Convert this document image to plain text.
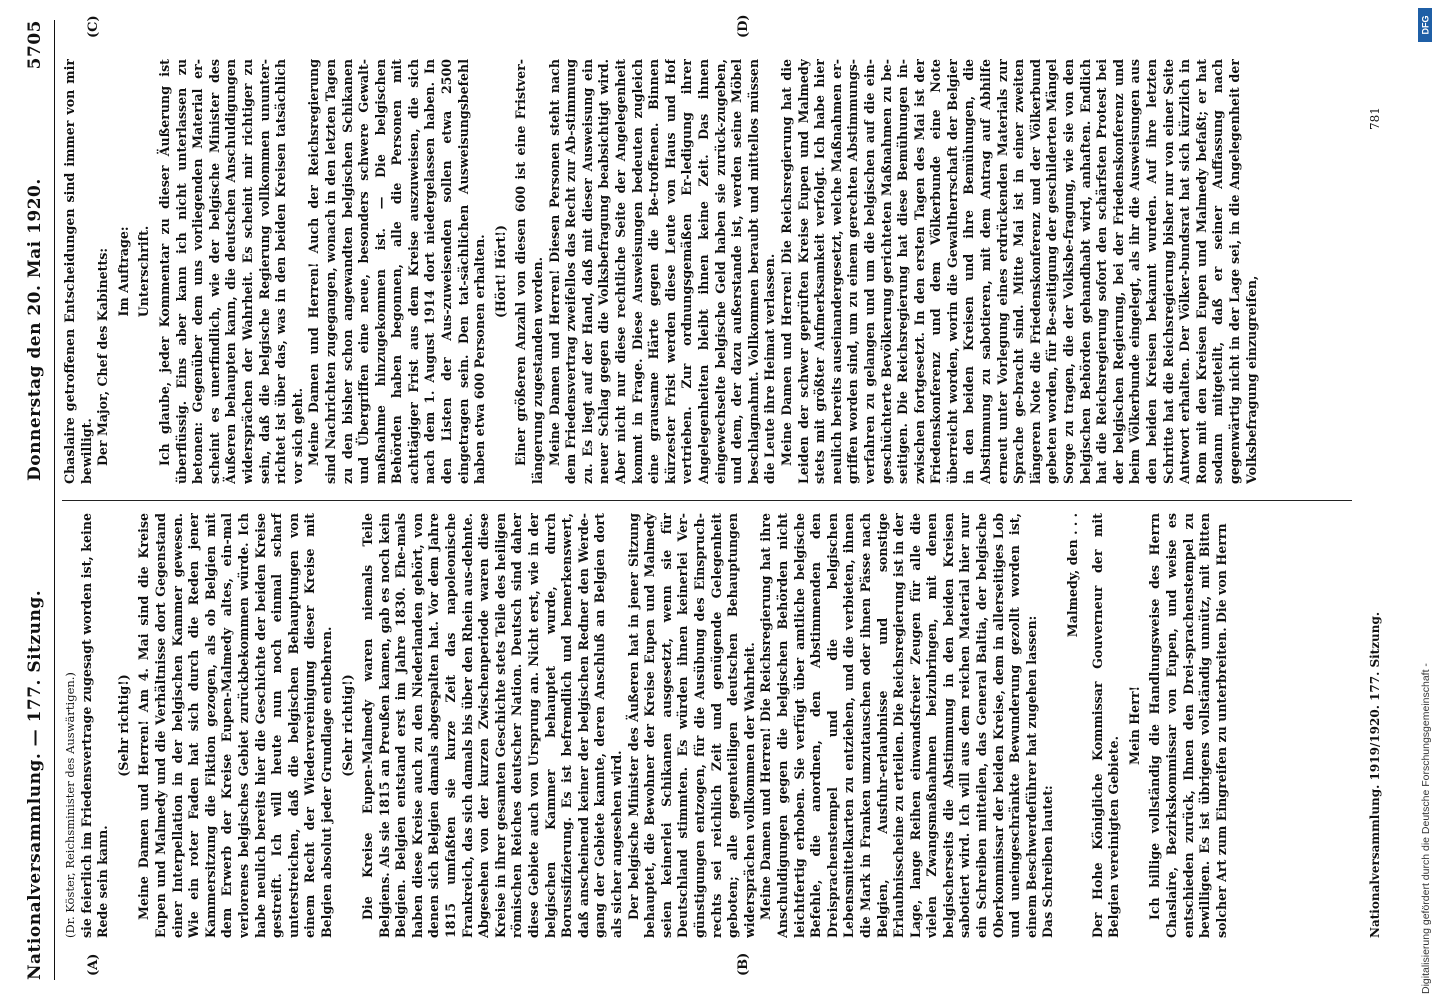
Nationalversammlung. — 177. Sitzung.
Donnerstag den 20. Mai 1920.
5705
(A)	(B)
(C)	(D)

(Dr. Köster, Reichsminister des Auswärtigen.) sie feierlich im Friedensvertrage zugesagt worden ist, keine Rede sein kann.

(Sehr richtig!) Meine Damen und Herren! Am 4. Mai sind die Kreise Eupen und Malmedy und die Verhältnisse dort Gegenstand einer Interpellation in der belgischen Kammer gewesen. Wie ein roter Faden hat sich durch die Reden jener Kammersitzung die Fiktion gezogen, als ob Belgien mit dem Erwerb der Kreise Eupen-Malmedy altes, ein-mal verlorenes belgisches Gebiet zurückbekommen würde. Ich habe neulich bereits hier die Geschichte der beiden Kreise gestreift. Ich will heute nun noch einmal scharf unterstreichen, daß die belgischen Behauptungen von einem Recht der Wiedervereinigung dieser Kreise mit Belgien absolut jeder Grundlage entbehren. (Sehr richtig!) Die Kreise Eupen-Malmedy waren niemals Teile Belgiens. Als sie 1815 an Preußen kamen, gab es noch kein Belgien. Belgien entstand erst im Jahre 1830. Ehe-mals haben diese Kreise auch zu den Niederlanden gehört, von denen sich Belgien damals abgespalten hat. Vor dem Jahre 1815 umfaßten sie kurze Zeit das napoleonische Frankreich, das sich damals bis über den Rhein aus-dehnte. Abgesehen von der kurzen Zwischenperiode waren diese Kreise in ihrer gesamten Geschichte stets Teile des heiligen römischen Reiches deutscher Nation. Deutsch sind daher diese Gebiete auch von Ursprung an. Nicht erst, wie in der belgischen Kammer behauptet wurde, durch Borussifizierung. Es ist befremdlich und bemerkenswert, daß anscheinend keiner der belgischen Redner den Werde-gang der Gebiete kannte, deren Anschluß an Belgien dort als sicher angesehen wird. Der belgische Minister des Äußeren hat in jener Sitzung behauptet, die Bewohner der Kreise Eupen und Malmedy seien keinerlei Schikanen ausgesetzt, wenn sie für Deutschland stimmten. Es würden ihnen keinerlei Ver-günstigungen entzogen, für die Ausübung des Einspruch-rechts sei reichlich Zeit und genügende Gelegenheit geboten; alle gegenteiligen deutschen Behauptungen widersprächen vollkommen der Wahrheit. Meine Damen und Herren! Die Reichsregierung hat ihre Anschuldigungen gegen die belgischen Behörden nicht leichtfertig erhoben. Sie verfügt über amtliche belgische Befehle, die anordnen, den Abstimmenden den Dreisprachenstempel und die belgischen Lebensmittelkarten zu entziehen, und die verbieten, ihnen die Mark in Franken umzutauschen oder ihnen Pässe nach Belgien, Ausfuhr-erlaubnisse und sonstige Erlaubnisscheine zu erteilen. Die Reichsregierung ist in der Lage, lange Reihen einwandsfreier Zeugen für alle die vielen Zwangsmaßnahmen beizubringen, mit denen belgischerseits die Abstimmung in den beiden Kreisen sabotiert wird. Ich will aus dem reichen Material hier nur ein Schreiben mitteilen, das General Baltia, der belgische Oberkommissar der beiden Kreise, dem in allerseitiges Lob und uneingeschränkte Bewunderung gezollt worden ist, einem Beschwerdeführer hat zugehen lassen: Das Schreiben lautet:

Malmedy, den . . . Der Hohe Königliche Kommissar Gouverneur der mit Belgien vereinigten Gebiete.

Mein Herr! Ich billige vollständig die Handlungsweise des Herrn Chaslaire, Bezirkskommissar von Eupen, und weise es entschieden zurück, Ihnen den Drei-sprachenstempel zu bewilligen. Es ist übrigens vollständig unnütz, mit Bitten solcher Art zum Eingreifen zu unterbreiten. Die von Herrn

Chaslaire getroffenen Entscheidungen sind immer von mir bewilligt. Der Major, Chef des Kabinetts: Im Auftrage: Unterschrift. Ich glaube, jeder Kommentar zu dieser Äußerung ist überflüssig. Eins aber kann ich nicht unterlassen zu betonen: Gegenüber dem uns vorliegenden Material er-scheint es unerfindlich, wie der belgische Minister des Äußeren behaupten kann, die deutschen Anschuldigungen widersprächen der Wahrheit. Es scheint mir richtiger zu sein, daß die belgische Regierung vollkommen ununter-richtet ist über das, was in den beiden Kreisen tatsächlich vor sich geht. Meine Damen und Herren! Auch der Reichsregierung sind Nachrichten zugegangen, wonach in den letzten Tagen zu den bisher schon angewandten belgischen Schikanen und Übergriffen eine neue, besonders schwere Gewalt-maßnahme hinzugekommen ist. — Die belgischen Behörden haben begonnen, alle die Personen mit achttägiger Frist aus dem Kreise auszuweisen, die sich nach dem 1. August 1914 dort niedergelassen haben. In den Listen der Aus-zuweisenden sollen etwa 2500 eingetragen sein. Den tat-sächlichen Ausweisungsbefehl haben etwa 600 Personen erhalten. (Hört! Hört!) Einer größeren Anzahl von diesen 600 ist eine Fristver-längerung zugestanden worden. Meine Damen und Herren! Diesen Personen steht nach dem Friedensvertrag zweifellos das Recht zur Ab-stimmung zu. Es liegt auf der Hand, daß mit dieser Ausweisung ein neuer Schlag gegen die Volksbefragung beabsichtigt wird. Aber nicht nur diese rechtliche Seite der Angelegenheit kommt in Frage. Diese Ausweisungen bedeuten zugleich eine grausame Härte gegen die Be-troffenen. Binnen kürzester Frist werden diese Leute von Haus und Hof vertrieben. Zur ordnungsgemäßen Er-ledigung ihrer Angelegenheiten bleibt ihnen keine Zeit. Das ihnen eingewechselte belgische Geld haben sie zurück-zugeben, und dem, der dazu außerstande ist, werden seine Möbel beschlagnahmt. Vollkommen beraubt und mittellos müssen die Leute ihre Heimat verlassen. Meine Damen und Herren! Die Reichsregierung hat die Leiden der schwer geprüften Kreise Eupen und Malmedy stets mit größter Aufmerksamkeit verfolgt. Ich habe hier neulich bereits auseinandergesetzt, welche Maßnahmen er-griffen worden sind, um zu einem gerechten Abstimmungs-verfahren zu gelangen und um die belgischen auf die ein-geschüchterte Bevölkerung gerichteten Maßnahmen zu be-seitigen. Die Reichsregierung hat diese Bemühungen in-zwischen fortgesetzt. In den ersten Tagen des Mai ist der Friedenskonferenz und dem Völkerbunde eine Note überreicht worden, worin die Gewaltherrschaft der Belgier in den beiden Kreisen und ihre Bemühungen, die Abstimmung zu sabotieren, mit dem Antrag auf Abhilfe erneut unter Vorlegung eines erdrückenden Materials zur Sprache ge-bracht sind. Mitte Mai ist in einer zweiten längeren Note die Friedenskonferenz und der Völkerbund gebeten worden, für Be-seitigung der geschilderten Mängel Sorge zu tragen, die der Volksbe-fragung, wie sie von den belgischen Behörden gehandhabt wird, anhaften. Endlich hat die Reichsregierung sofort den schärfsten Protest bei der belgischen Regierung, bei der Friedenskonferenz und beim Völkerbunde eingelegt, als ihr die Ausweisungen aus den beiden Kreisen bekannt wurden. Auf ihre letzten Schritte hat die Reichsregierung bisher nur von einer Seite Antwort erhalten. Der Völker-bundsrat hat sich kürzlich in Rom mit den Kreisen Eupen und Malmedy befaßt; er hat sodann mitgeteilt, daß er seiner Auffassung nach gegenwärtig nicht in der Lage sei, in die Angelegenheit der Volksbefragung einzugreifen,

Nationalversammlung. 1919/1920. 177. Sitzung.
781
Digitalisierung gefördert durch die Deutsche Forschungsgemeinschaft -
DFG
